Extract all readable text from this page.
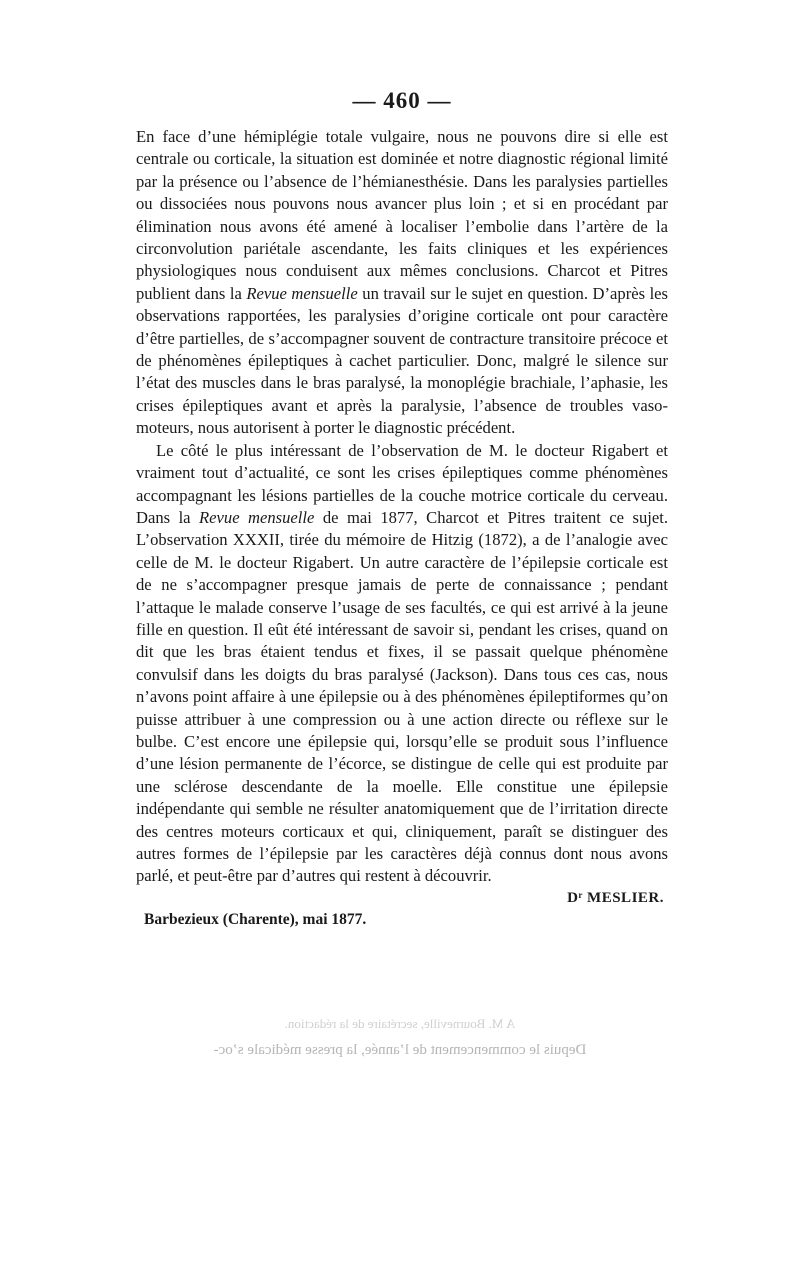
— 460 —

En face d’une hémiplégie totale vulgaire, nous ne pouvons dire si elle est centrale ou corticale, la situation est dominée et notre diagnostic régional limité par la présence ou l’absence de l’hémianesthésie. Dans les paralysies partielles ou dissociées nous pouvons nous avancer plus loin ; et si en procédant par élimination nous avons été amené à localiser l’embolie dans l’artère de la circonvolution pariétale ascendante, les faits cliniques et les expériences physiologiques nous conduisent aux mêmes conclusions. Charcot et Pitres publient dans la Revue mensuelle un travail sur le sujet en question. D’après les observations rapportées, les paralysies d’origine corticale ont pour caractère d’être partielles, de s’accompagner souvent de contracture transitoire précoce et de phénomènes épileptiques à cachet particulier. Donc, malgré le silence sur l’état des muscles dans le bras paralysé, la monoplégie brachiale, l’aphasie, les crises épileptiques avant et après la paralysie, l’absence de troubles vaso-moteurs, nous autorisent à porter le diagnostic précédent.

Le côté le plus intéressant de l’observation de M. le docteur Rigabert et vraiment tout d’actualité, ce sont les crises épileptiques comme phénomènes accompagnant les lésions partielles de la couche motrice corticale du cerveau. Dans la Revue mensuelle de mai 1877, Charcot et Pitres traitent ce sujet. L’observation XXXII, tirée du mémoire de Hitzig (1872), a de l’analogie avec celle de M. le docteur Rigabert. Un autre caractère de l’épilepsie corticale est de ne s’accompagner presque jamais de perte de connaissance ; pendant l’attaque le malade conserve l’usage de ses facultés, ce qui est arrivé à la jeune fille en question. Il eût été intéressant de savoir si, pendant les crises, quand on dit que les bras étaient tendus et fixes, il se passait quelque phénomène convulsif dans les doigts du bras paralysé (Jackson). Dans tous ces cas, nous n’avons point affaire à une épilepsie ou à des phénomènes épileptiformes qu’on puisse attribuer à une compression ou à une action directe ou réflexe sur le bulbe. C’est encore une épilepsie qui, lorsqu’elle se produit sous l’influence d’une lésion permanente de l’écorce, se distingue de celle qui est produite par une sclérose descendante de la moelle. Elle constitue une épilepsie indépendante qui semble ne résulter anatomiquement que de l’irritation directe des centres moteurs corticaux et qui, cliniquement, paraît se distinguer des autres formes de l’épilepsie par les caractères déjà connus dont nous avons parlé, et peut-être par d’autres qui restent à découvrir.

Dʳ MESLIER.
Barbezieux (Charente), mai 1877.
A M. Bourneville, secrétaire de la rédaction.
Depuis le commencement de l’année, la presse médicale s’oc-
